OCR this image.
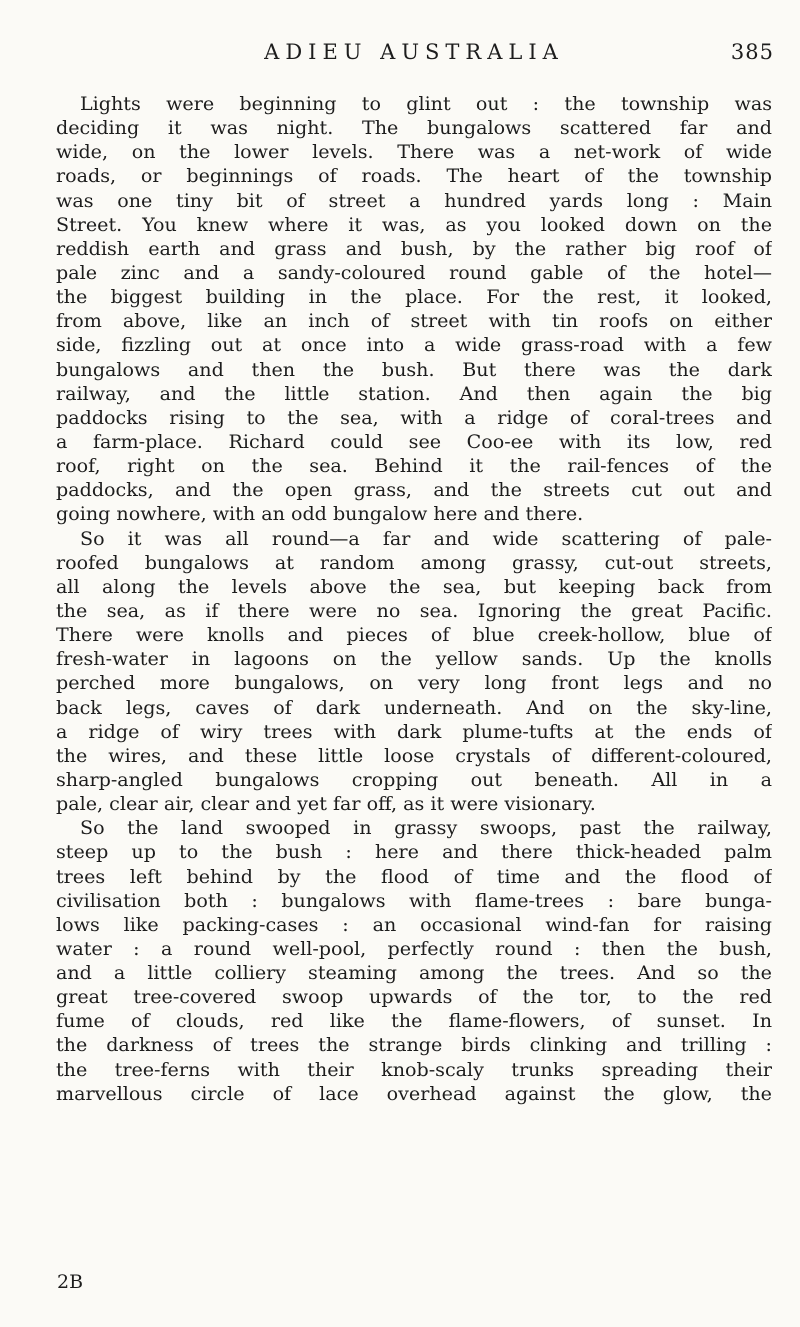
ADIEU AUSTRALIA	385
Lights were beginning to glint out : the township was
deciding it was night. The bungalows scattered far and
wide, on the lower levels. There was a net-work of wide
roads, or beginnings of roads. The heart of the township
was one tiny bit of street a hundred yards long : Main
Street. You knew where it was, as you looked down on the
reddish earth and grass and bush, by the rather big roof of
pale zinc and a sandy-coloured round gable of the hotel—
the biggest building in the place. For the rest, it looked,
from above, like an inch of street with tin roofs on either
side, fizzling out at once into a wide grass-road with a few
bungalows and then the bush. But there was the dark
railway, and the little station. And then again the big
paddocks rising to the sea, with a ridge of coral-trees and
a farm-place. Richard could see Coo-ee with its low, red
roof, right on the sea. Behind it the rail-fences of the
paddocks, and the open grass, and the streets cut out and
going nowhere, with an odd bungalow here and there.
So it was all round—a far and wide scattering of pale-
roofed bungalows at random among grassy, cut-out streets,
all along the levels above the sea, but keeping back from
the sea, as if there were no sea. Ignoring the great Pacific.
There were knolls and pieces of blue creek-hollow, blue of
fresh-water in lagoons on the yellow sands. Up the knolls
perched more bungalows, on very long front legs and no
back legs, caves of dark underneath. And on the sky-line,
a ridge of wiry trees with dark plume-tufts at the ends of
the wires, and these little loose crystals of different-coloured,
sharp-angled bungalows cropping out beneath. All in a
pale, clear air, clear and yet far off, as it were visionary.
So the land swooped in grassy swoops, past the railway,
steep up to the bush : here and there thick-headed palm
trees left behind by the flood of time and the flood of
civilisation both : bungalows with flame-trees : bare bunga-
lows like packing-cases : an occasional wind-fan for raising
water : a round well-pool, perfectly round : then the bush,
and a little colliery steaming among the trees. And so the
great tree-covered swoop upwards of the tor, to the red
fume of clouds, red like the flame-flowers, of sunset. In
the darkness of trees the strange birds clinking and trilling :
the tree-ferns with their knob-scaly trunks spreading their
marvellous circle of lace overhead against the glow, the
2B
